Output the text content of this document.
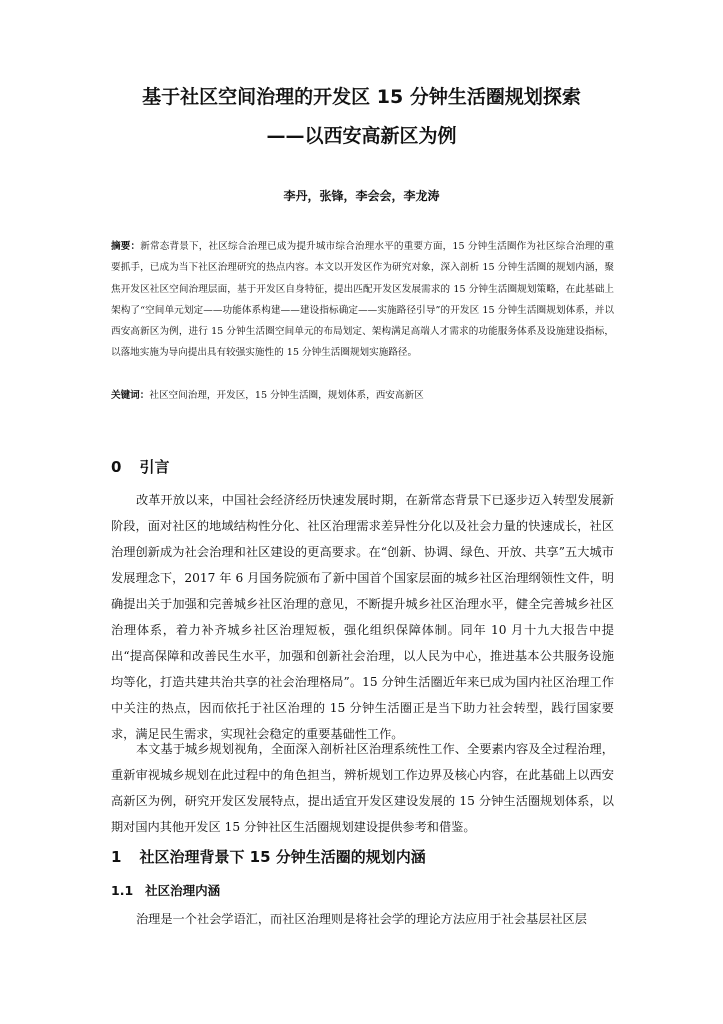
基于社区空间治理的开发区 15 分钟生活圈规划探索
——以西安高新区为例
李丹，张锋，李会会，李龙涛
摘要：新常态背景下，社区综合治理已成为提升城市综合治理水平的重要方面，15 分钟生活圈作为社区综合治理的重要抓手，已成为当下社区治理研究的热点内容。本文以开发区作为研究对象，深入剖析 15 分钟生活圈的规划内涵，聚焦开发区社区空间治理层面，基于开发区自身特征，提出匹配开发区发展需求的 15 分钟生活圈规划策略，在此基础上架构了“空间单元划定——功能体系构建——建设指标确定——实施路径引导”的开发区 15 分钟生活圈规划体系，并以西安高新区为例，进行 15 分钟生活圈空间单元的布局划定、架构满足高端人才需求的功能服务体系及设施建设指标，以落地实施为导向提出具有较强实施性的 15 分钟生活圈规划实施路径。
关键词：社区空间治理，开发区，15 分钟生活圈，规划体系，西安高新区
0 引言
改革开放以来，中国社会经济经历快速发展时期，在新常态背景下已逐步迈入转型发展新阶段，面对社区的地域结构性分化、社区治理需求差异性分化以及社会力量的快速成长，社区治理创新成为社会治理和社区建设的更高要求。在“创新、协调、绿色、开放、共享”五大城市发展理念下，2017 年 6 月国务院颁布了新中国首个国家层面的城乡社区治理纲领性文件，明确提出关于加强和完善城乡社区治理的意见，不断提升城乡社区治理水平，健全完善城乡社区治理体系，着力补齐城乡社区治理短板，强化组织保障体制。同年 10 月十九大报告中提出“提高保障和改善民生水平，加强和创新社会治理，以人民为中心，推进基本公共服务设施均等化，打造共建共治共享的社会治理格局”。15 分钟生活圈近年来已成为国内社区治理工作中关注的热点，因而依托于社区治理的 15 分钟生活圈正是当下助力社会转型，践行国家要求，满足民生需求，实现社会稳定的重要基础性工作。
本文基于城乡规划视角，全面深入剖析社区治理系统性工作、全要素内容及全过程治理，重新审视城乡规划在此过程中的角色担当，辨析规划工作边界及核心内容，在此基础上以西安高新区为例，研究开发区发展特点，提出适宜开发区建设发展的 15 分钟生活圈规划体系，以期对国内其他开发区 15 分钟社区生活圈规划建设提供参考和借鉴。
1 社区治理背景下 15 分钟生活圈的规划内涵
1.1 社区治理内涵
治理是一个社会学语汇，而社区治理则是将社会学的理论方法应用于社会基层社区层
